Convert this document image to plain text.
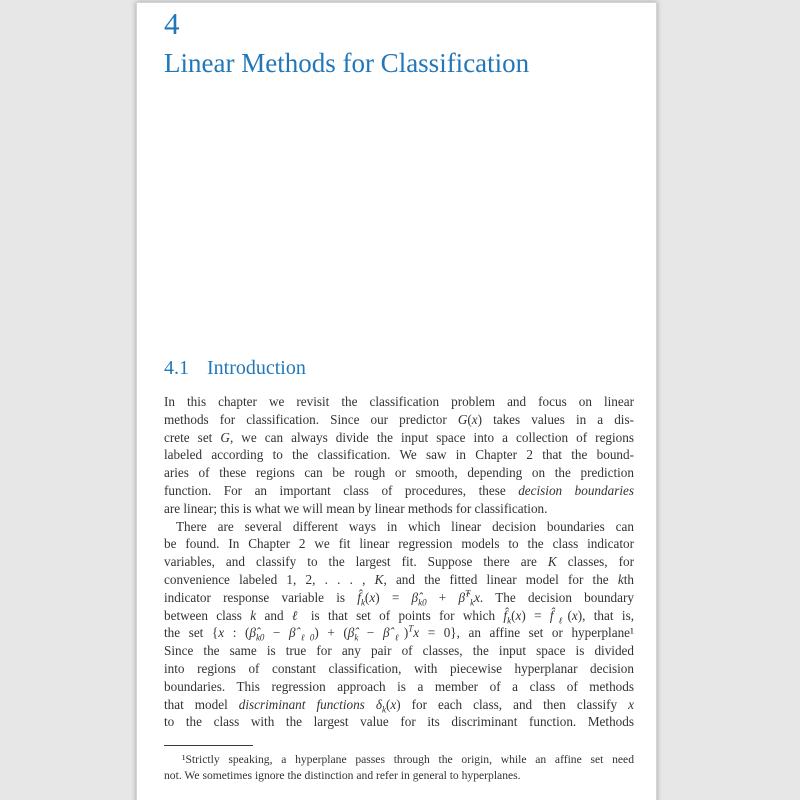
4
Linear Methods for Classification
4.1 Introduction
In this chapter we revisit the classification problem and focus on linear
methods for classification. Since our predictor G(x) takes values in a dis-
crete set G, we can always divide the input space into a collection of regions
labeled according to the classification. We saw in Chapter 2 that the bound-
aries of these regions can be rough or smooth, depending on the prediction
function. For an important class of procedures, these decision boundaries
are linear; this is what we will mean by linear methods for classification.
There are several different ways in which linear decision boundaries can
be found. In Chapter 2 we fit linear regression models to the class indicator
variables, and classify to the largest fit. Suppose there are K classes, for
convenience labeled 1, 2, . . . , K, and the fitted linear model for the kth
indicator response variable is $f̂_k(x)$ = $\betâ_{k0}$ + β̂$^T_k$x. The decision boundary
between class k and ℓ is that set of points for which $f̂_k(x)$ = $f̂_\ell(x)$, that is,
the set {x : ($\betâ_{k0}$ − $\betâ_{\ell 0}$) + ($\betâ_k$ − $\betâ_\ell)^Tx = 0$}, an affine set or hyperplane¹
Since the same is true for any pair of classes, the input space is divided
into regions of constant classification, with piecewise hyperplanar decision
boundaries. This regression approach is a member of a class of methods
that model discriminant functions $\delta_k(x)$ for each class, and then classify x
to the class with the largest value for its discriminant function. Methods
¹Strictly speaking, a hyperplane passes through the origin, while an affine set need
not. We sometimes ignore the distinction and refer in general to hyperplanes.
